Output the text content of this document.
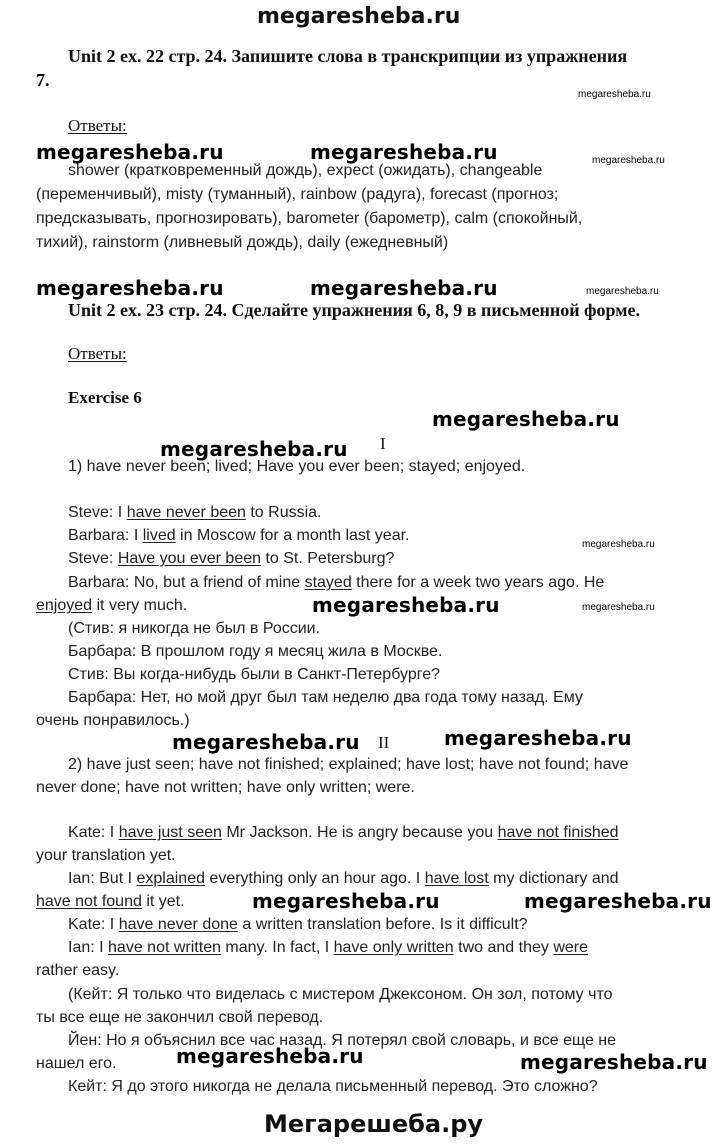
megaresheba.ru
Unit 2 ex. 22 стр. 24. Запишите слова в транскрипции из упражнения
7.
megaresheba.ru
Ответы:
megaresheba.ru	megaresheba.ru	megaresheba.ru
shower (кратковременный дождь), expect (ожидать), changeable
(переменчивый), misty (туманный), rainbow (радуга), forecast (прогноз;
предсказывать, прогнозировать), barometer (барометр), calm (спокойный,
тихий), rainstorm (ливневый дождь), daily (ежедневный)
megaresheba.ru	megaresheba.ru	megaresheba.ru
Unit 2 ex. 23 стр. 24. Сделайте упражнения 6, 8, 9 в письменной форме.
Ответы:
Exercise 6
megaresheba.ru
megaresheba.ru I
1) have never been; lived; Have you ever been; stayed; enjoyed.
Steve: I have never been to Russia.
Barbara: I lived in Moscow for a month last year.
Steve: Have you ever been to St. Petersburg?
megaresheba.ru
Barbara: No, but a friend of mine stayed there for a week two years ago. He
enjoyed it very much.	megaresheba.ru	megaresheba.ru
(Стив: я никогда не был в России.
Барбара: В прошлом году я месяц жила в Москве.
Стив: Вы когда-нибудь были в Санкт-Петербурге?
Барбара: Нет, но мой друг был там неделю два года тому назад. Ему
очень понравилось.)
megaresheba.ru II	megaresheba.ru
2) have just seen; have not finished; explained; have lost; have not found; have
never done; have not written; have only written; were.
Kate: I have just seen Mr Jackson. He is angry because you have not finished
your translation yet.
Ian: But I explained everything only an hour ago. I have lost my dictionary and
have not found it yet.	megaresheba.ru	megaresheba.ru
Kate: I have never done a written translation before. Is it difficult?
Ian: I have not written many. In fact, I have only written two and they were
rather easy.
(Кейт: Я только что виделась с мистером Джексоном. Он зол, потому что
ты все еще не закончил свой перевод.
Йен: Но я объяснил все час назад. Я потерял свой словарь, и все еще не
нашел его.	megaresheba.ru	megaresheba.ru
Кейт: Я до этого никогда не делала письменный перевод. Это сложно?
Мегарешеба.ру
